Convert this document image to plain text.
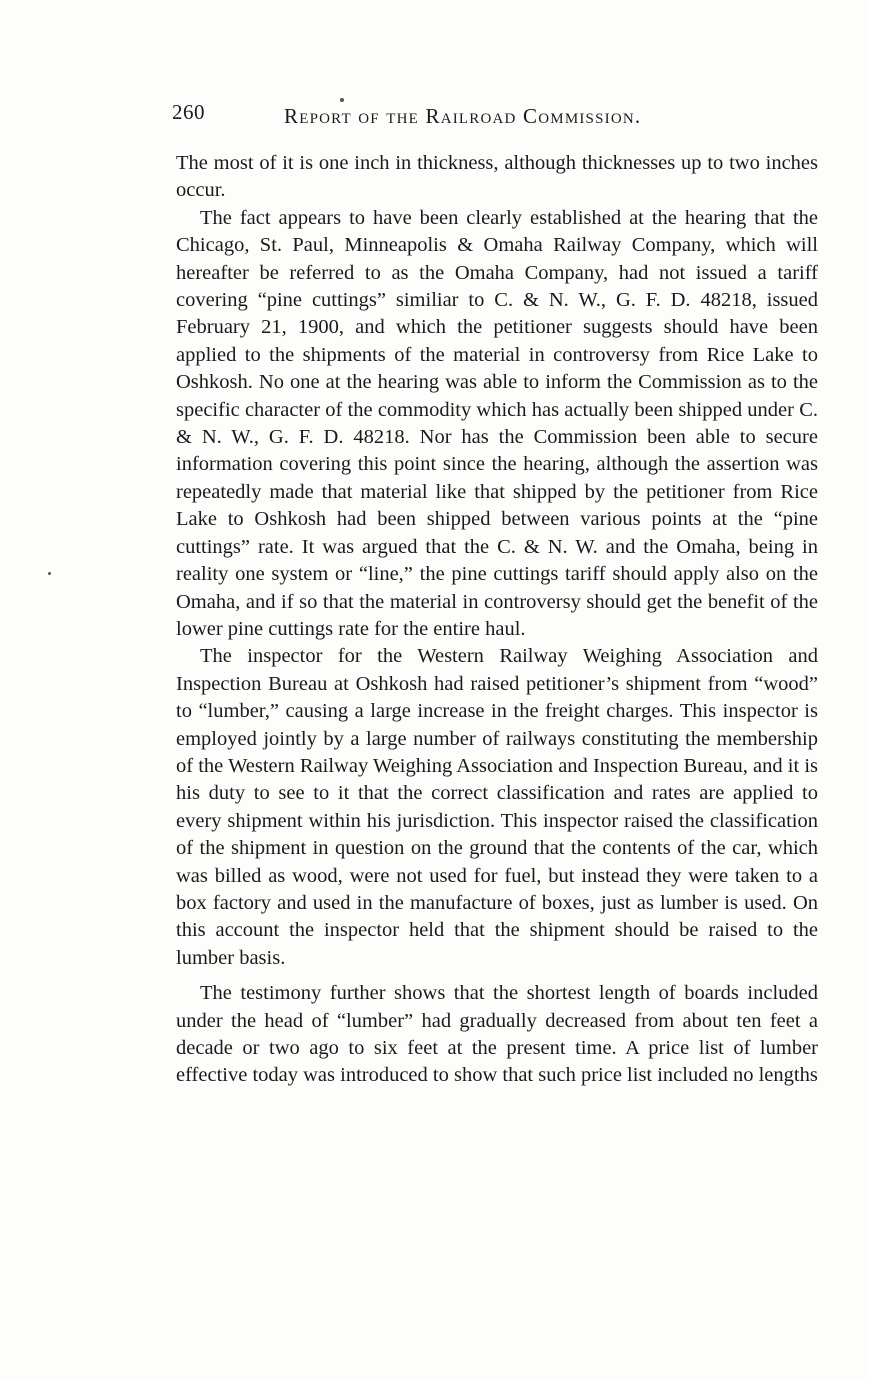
260	Report of the Railroad Commission.

The most of it is one inch in thickness, although thicknesses up to two inches occur.

The fact appears to have been clearly established at the hearing that the Chicago, St. Paul, Minneapolis & Omaha Railway Company, which will hereafter be referred to as the Omaha Company, had not issued a tariff covering “pine cuttings” similiar to C. & N. W., G. F. D. 48218, issued February 21, 1900, and which the petitioner suggests should have been applied to the shipments of the material in controversy from Rice Lake to Oshkosh. No one at the hearing was able to inform the Commission as to the specific character of the commodity which has actually been shipped under C. & N. W., G. F. D. 48218. Nor has the Commission been able to secure information covering this point since the hearing, although the assertion was repeatedly made that material like that shipped by the petitioner from Rice Lake to Oshkosh had been shipped between various points at the “pine cuttings” rate. It was argued that the C. & N. W. and the Omaha, being in reality one system or “line,” the pine cuttings tariff should apply also on the Omaha, and if so that the material in controversy should get the benefit of the lower pine cuttings rate for the entire haul.

The inspector for the Western Railway Weighing Association and Inspection Bureau at Oshkosh had raised petitioner’s shipment from “wood” to “lumber,” causing a large increase in the freight charges. This inspector is employed jointly by a large number of railways constituting the membership of the Western Railway Weighing Association and Inspection Bureau, and it is his duty to see to it that the correct classification and rates are applied to every shipment within his jurisdiction. This inspector raised the classification of the shipment in question on the ground that the contents of the car, which was billed as wood, were not used for fuel, but instead they were taken to a box factory and used in the manufacture of boxes, just as lumber is used. On this account the inspector held that the shipment should be raised to the lumber basis.

The testimony further shows that the shortest length of boards included under the head of “lumber” had gradually decreased from about ten feet a decade or two ago to six feet at the present time. A price list of lumber effective today was introduced to show that such price list included no lengths
